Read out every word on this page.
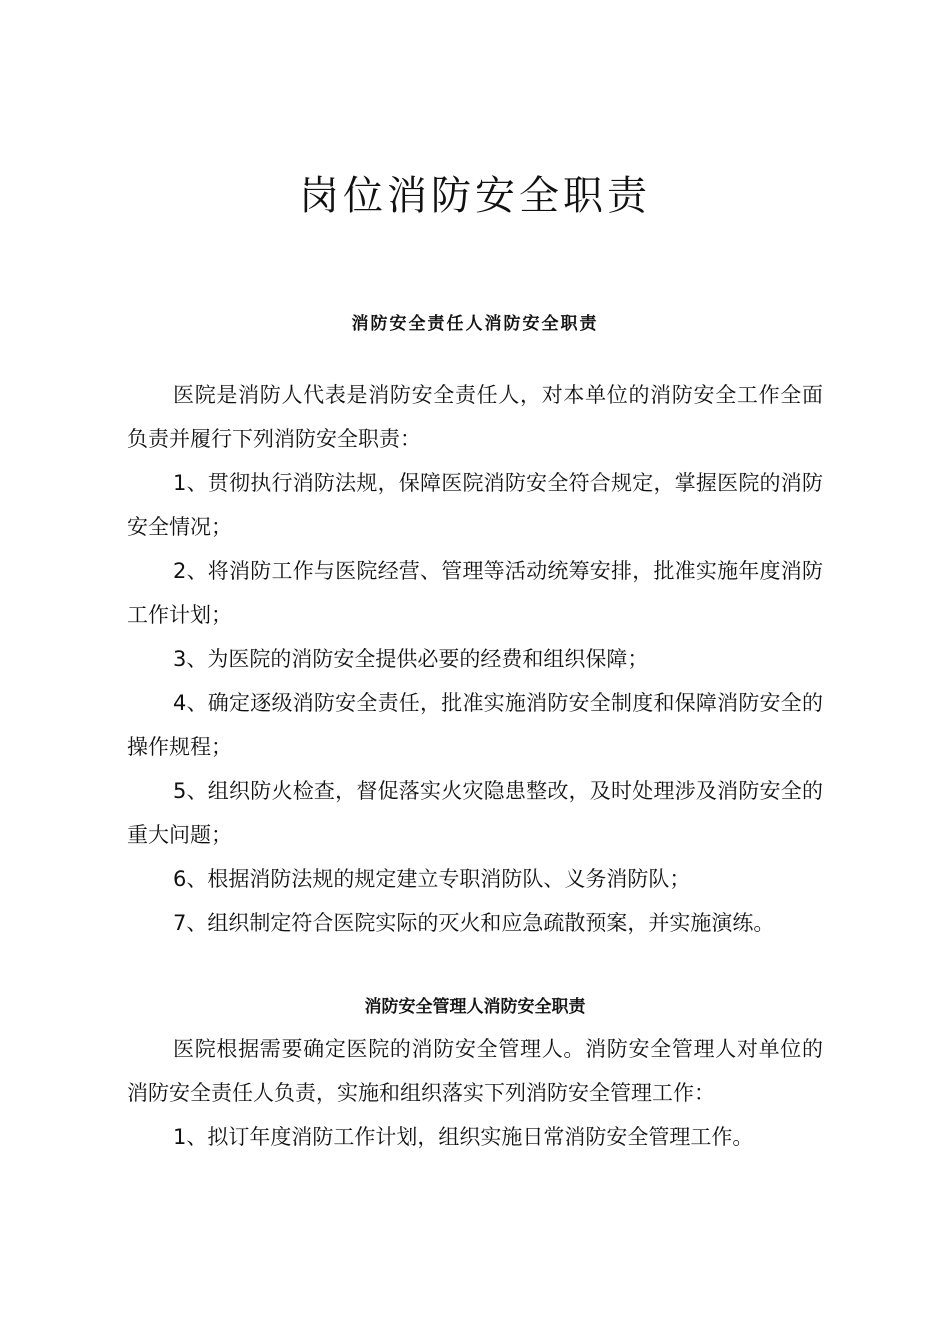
岗位消防安全职责
消防安全责任人消防安全职责

医院是消防人代表是消防安全责任人，对本单位的消防安全工作全面负责并履行下列消防安全职责：

1、贯彻执行消防法规，保障医院消防安全符合规定，掌握医院的消防安全情况；

2、将消防工作与医院经营、管理等活动统筹安排，批准实施年度消防工作计划；

3、为医院的消防安全提供必要的经费和组织保障；

4、确定逐级消防安全责任，批准实施消防安全制度和保障消防安全的操作规程；

5、组织防火检查，督促落实火灾隐患整改，及时处理涉及消防安全的重大问题；

6、根据消防法规的规定建立专职消防队、义务消防队；

7、组织制定符合医院实际的灭火和应急疏散预案，并实施演练。

消防安全管理人消防安全职责

医院根据需要确定医院的消防安全管理人。消防安全管理人对单位的消防安全责任人负责，实施和组织落实下列消防安全管理工作：

1、拟订年度消防工作计划，组织实施日常消防安全管理工作。
